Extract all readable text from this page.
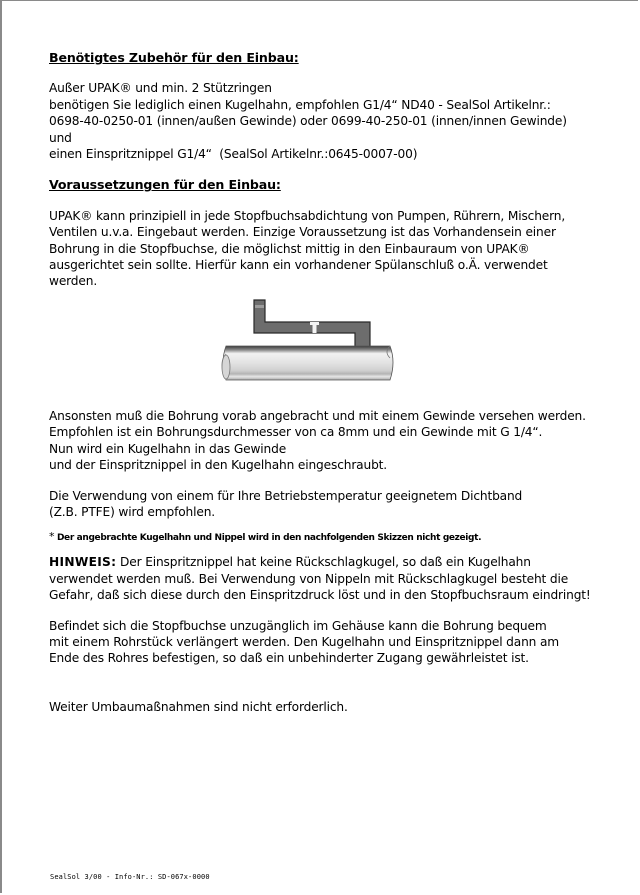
Benötigtes Zubehör für den Einbau:

Außer UPAK® und min. 2 Stützringen
benötigen Sie lediglich einen Kugelhahn, empfohlen G1/4“ ND40 - SealSol Artikelnr.:
0698-40-0250-01 (innen/außen Gewinde) oder 0699-40-250-01 (innen/innen Gewinde)
und
einen Einspritznippel G1/4“  (SealSol Artikelnr.:0645-0007-00)

Voraussetzungen für den Einbau:

UPAK® kann prinzipiell in jede Stopfbuchsabdichtung von Pumpen, Rührern, Mischern,
Ventilen u.v.a. Eingebaut werden. Einzige Voraussetzung ist das Vorhandensein einer
Bohrung in die Stopfbuchse, die möglichst mittig in den Einbauraum von UPAK®
ausgerichtet sein sollte. Hierfür kann ein vorhandener Spülanschluß o.Ä. verwendet
werden.

Ansonsten muß die Bohrung vorab angebracht und mit einem Gewinde versehen werden.
Empfohlen ist ein Bohrungsdurchmesser von ca 8mm und ein Gewinde mit G 1/4“.
Nun wird ein Kugelhahn in das Gewinde
und der Einspritznippel in den Kugelhahn eingeschraubt.

Die Verwendung von einem für Ihre Betriebstemperatur geeignetem Dichtband
(Z.B. PTFE) wird empfohlen.

* Der angebrachte Kugelhahn und Nippel wird in den nachfolgenden Skizzen nicht gezeigt.

HINWEIS: Der Einspritznippel hat keine Rückschlagkugel, so daß ein Kugelhahn
verwendet werden muß. Bei Verwendung von Nippeln mit Rückschlagkugel besteht die
Gefahr, daß sich diese durch den Einspritzdruck löst und in den Stopfbuchsraum eindringt!

Befindet sich die Stopfbuchse unzugänglich im Gehäuse kann die Bohrung bequem
mit einem Rohrstück verlängert werden. Den Kugelhahn und Einspritznippel dann am
Ende des Rohres befestigen, so daß ein unbehinderter Zugang gewährleistet ist.

Weiter Umbaumaßnahmen sind nicht erforderlich.

SealSol 3/00 - Info-Nr.: SD-067x-0000
